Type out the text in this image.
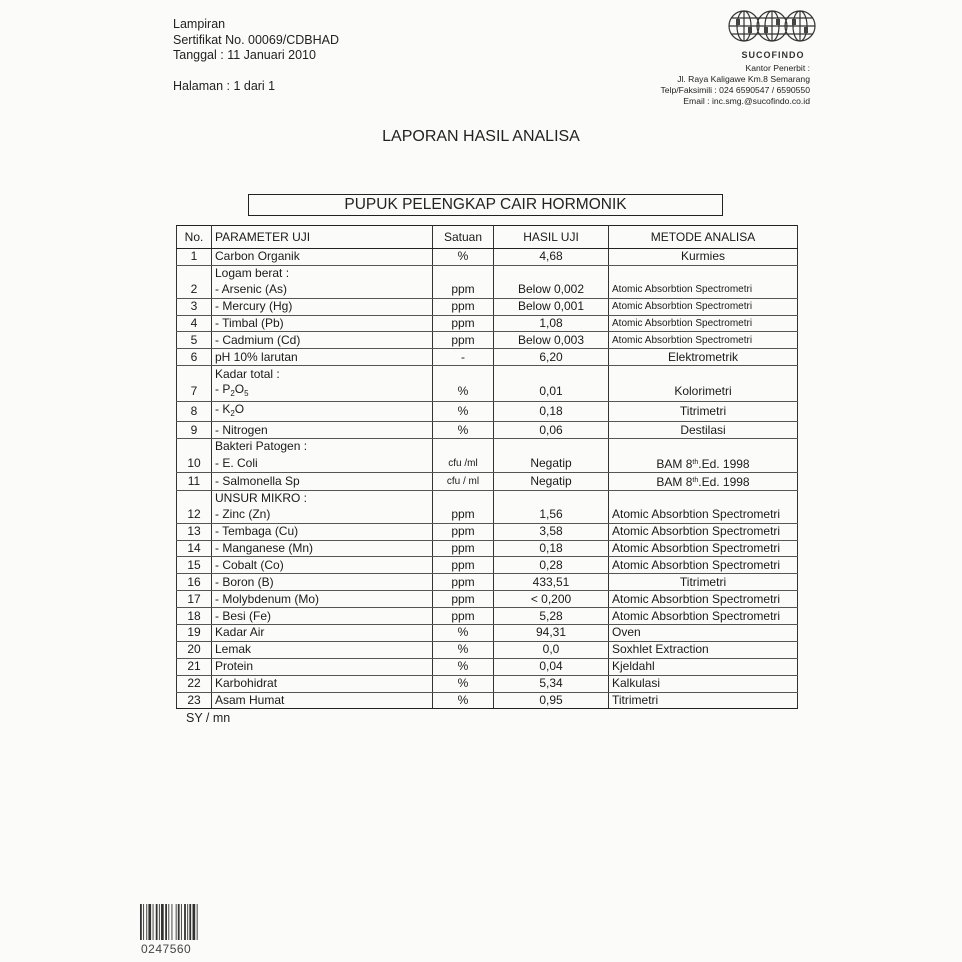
Lampiran
Sertifikat No. 00069/CDBHAD
Tanggal : 11 Januari 2010
Halaman : 1 dari 1
SUCOFINDO
Kantor Penerbit :
Jl. Raya Kaligawe Km.8 Semarang
Telp/Faksimili : 024 6590547 / 6590550
Email : inc.smg.@sucofindo.co.id
LAPORAN HASIL ANALISA
PUPUK PELENGKAP CAIR HORMONIK
No.	PARAMETER UJI	Satuan	HASIL UJI	METODE ANALISA
1	Carbon Organik	%	4,68	Kurmies
	Logam berat :			
2	- Arsenic (As)	ppm	Below 0,002	Atomic Absorbtion Spectrometri
3	- Mercury (Hg)	ppm	Below 0,001	Atomic Absorbtion Spectrometri
4	- Timbal (Pb)	ppm	1,08	Atomic Absorbtion Spectrometri
5	- Cadmium (Cd)	ppm	Below 0,003	Atomic Absorbtion Spectrometri
6	pH 10% larutan	-	6,20	Elektrometrik
	Kadar total :			
7	- $P_2O_5$	%	0,01	Kolorimetri
8	- $K_2O$	%	0,18	Titrimetri
9	- Nitrogen	%	0,06	Destilasi
	Bakteri Patogen :			
10	- E. Coli	cfu /ml	Negatip	BAM 8th.Ed. 1998
11	- Salmonella Sp	cfu / ml	Negatip	BAM 8th.Ed. 1998
	UNSUR MIKRO :			
12	- Zinc (Zn)	ppm	1,56	Atomic Absorbtion Spectrometri
13	- Tembaga (Cu)	ppm	3,58	Atomic Absorbtion Spectrometri
14	- Manganese (Mn)	ppm	0,18	Atomic Absorbtion Spectrometri
15	- Cobalt (Co)	ppm	0,28	Atomic Absorbtion Spectrometri
16	- Boron (B)	ppm	433,51	Titrimetri
17	- Molybdenum (Mo)	ppm	< 0,200	Atomic Absorbtion Spectrometri
18	- Besi (Fe)	ppm	5,28	Atomic Absorbtion Spectrometri
19	Kadar Air	%	94,31	Oven
20	Lemak	%	0,0	Soxhlet Extraction
21	Protein	%	0,04	Kjeldahl
22	Karbohidrat	%	5,34	Kalkulasi
23	Asam Humat	%	0,95	Titrimetri
SY / mn
0247560
